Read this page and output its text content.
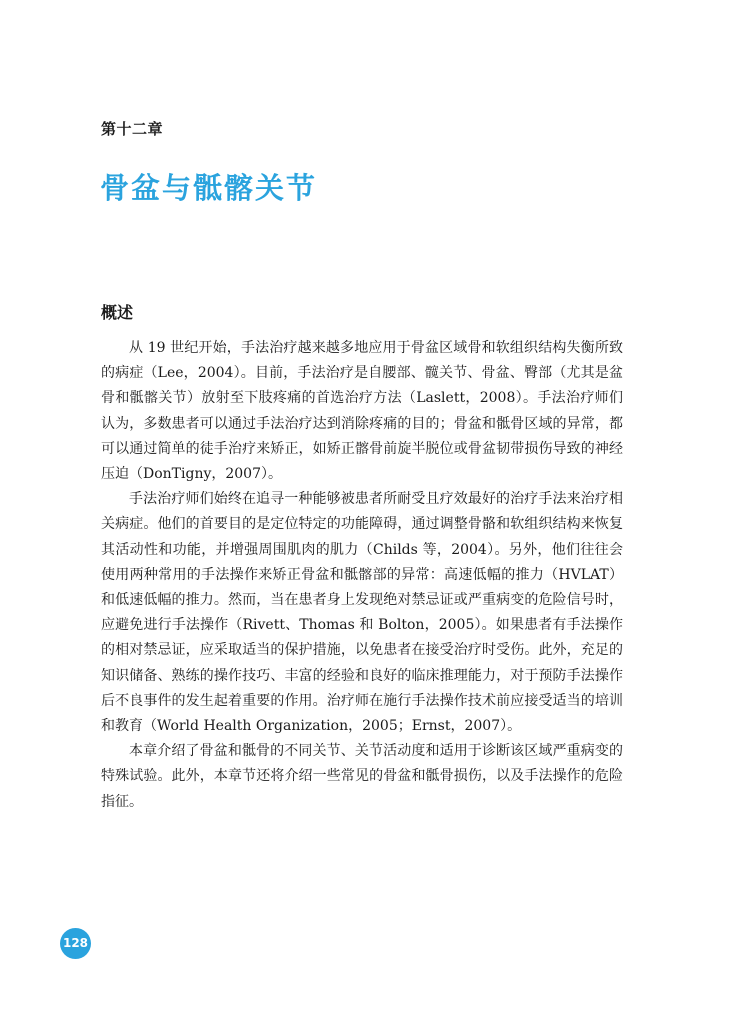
第十二章
骨盆与骶髂关节
概述

从 19 世纪开始，手法治疗越来越多地应用于骨盆区域骨和软组织结构失衡所致的病症（Lee，2004）。目前，手法治疗是自腰部、髋关节、骨盆、臀部（尤其是盆骨和骶髂关节）放射至下肢疼痛的首选治疗方法（Laslett，2008）。手法治疗师们认为，多数患者可以通过手法治疗达到消除疼痛的目的；骨盆和骶骨区域的异常，都可以通过简单的徒手治疗来矫正，如矫正髂骨前旋半脱位或骨盆韧带损伤导致的神经压迫（DonTigny，2007）。

手法治疗师们始终在追寻一种能够被患者所耐受且疗效最好的治疗手法来治疗相关病症。他们的首要目的是定位特定的功能障碍，通过调整骨骼和软组织结构来恢复其活动性和功能，并增强周围肌肉的肌力（Childs 等，2004）。另外，他们往往会使用两种常用的手法操作来矫正骨盆和骶髂部的异常：高速低幅的推力（HVLAT）和低速低幅的推力。然而，当在患者身上发现绝对禁忌证或严重病变的危险信号时，应避免进行手法操作（Rivett、Thomas 和 Bolton，2005）。如果患者有手法操作的相对禁忌证，应采取适当的保护措施，以免患者在接受治疗时受伤。此外，充足的知识储备、熟练的操作技巧、丰富的经验和良好的临床推理能力，对于预防手法操作后不良事件的发生起着重要的作用。治疗师在施行手法操作技术前应接受适当的培训和教育（World Health Organization，2005；Ernst，2007）。

本章介绍了骨盆和骶骨的不同关节、关节活动度和适用于诊断该区域严重病变的特殊试验。此外，本章节还将介绍一些常见的骨盆和骶骨损伤，以及手法操作的危险指征。

128
